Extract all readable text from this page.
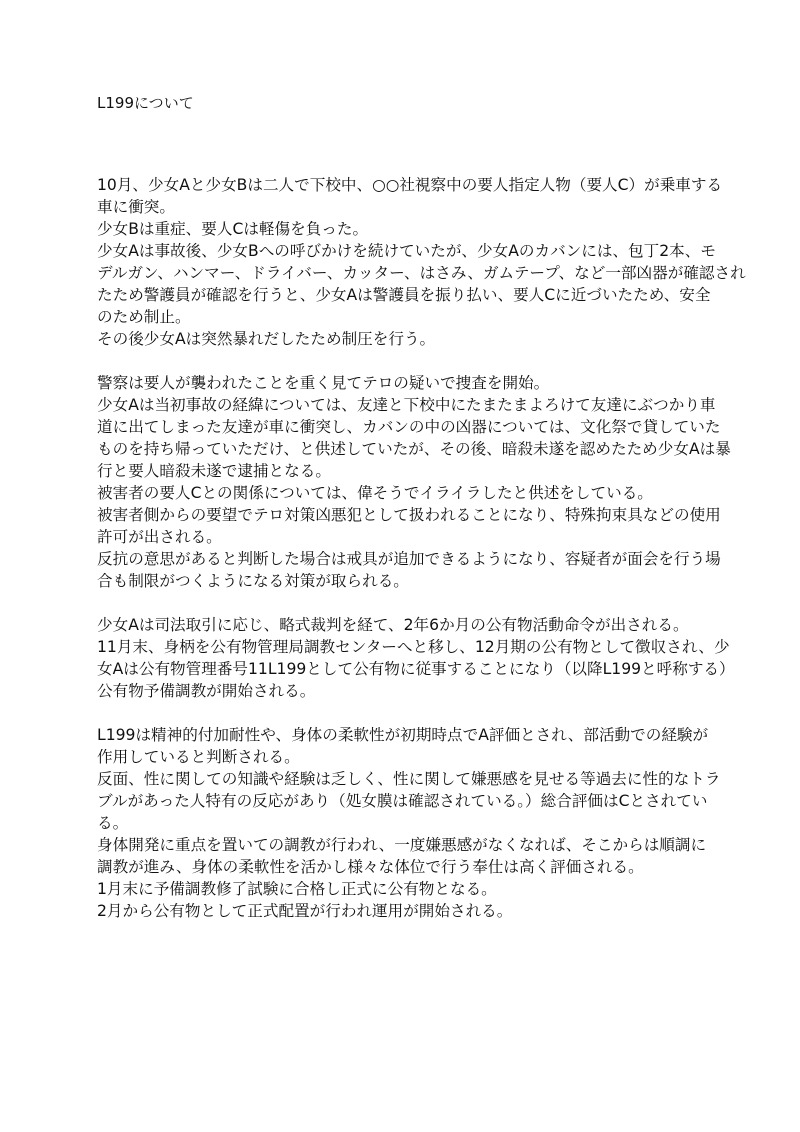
L199について

10月、少女Aと少女Bは二人で下校中、○○社視察中の要人指定人物（要人C）が乗車する
車に衝突。
少女Bは重症、要人Cは軽傷を負った。
少女Aは事故後、少女Bへの呼びかけを続けていたが、少女Aのカバンには、包丁2本、モ
デルガン、ハンマー、ドライバー、カッター、はさみ、ガムテープ、など一部凶器が確認され
たため警護員が確認を行うと、少女Aは警護員を振り払い、要人Cに近づいたため、安全
のため制止。
その後少女Aは突然暴れだしたため制圧を行う。

警察は要人が襲われたことを重く見てテロの疑いで捜査を開始。
少女Aは当初事故の経緯については、友達と下校中にたまたまよろけて友達にぶつかり車
道に出てしまった友達が車に衝突し、カバンの中の凶器については、文化祭で貸していた
ものを持ち帰っていただけ、と供述していたが、その後、暗殺未遂を認めたため少女Aは暴
行と要人暗殺未遂で逮捕となる。
被害者の要人Cとの関係については、偉そうでイライラしたと供述をしている。
被害者側からの要望でテロ対策凶悪犯として扱われることになり、特殊拘束具などの使用
許可が出される。
反抗の意思があると判断した場合は戒具が追加できるようになり、容疑者が面会を行う場
合も制限がつくようになる対策が取られる。

少女Aは司法取引に応じ、略式裁判を経て、2年6か月の公有物活動命令が出される。
11月末、身柄を公有物管理局調教センターへと移し、12月期の公有物として徴収され、少
女Aは公有物管理番号11L199として公有物に従事することになり（以降L199と呼称する）
公有物予備調教が開始される。

L199は精神的付加耐性や、身体の柔軟性が初期時点でA評価とされ、部活動での経験が
作用していると判断される。
反面、性に関しての知識や経験は乏しく、性に関して嫌悪感を見せる等過去に性的なトラ
ブルがあった人特有の反応があり（処女膜は確認されている。）総合評価はCとされてい
る。
身体開発に重点を置いての調教が行われ、一度嫌悪感がなくなれば、そこからは順調に
調教が進み、身体の柔軟性を活かし様々な体位で行う奉仕は高く評価される。
1月末に予備調教修了試験に合格し正式に公有物となる。
2月から公有物として正式配置が行われ運用が開始される。
